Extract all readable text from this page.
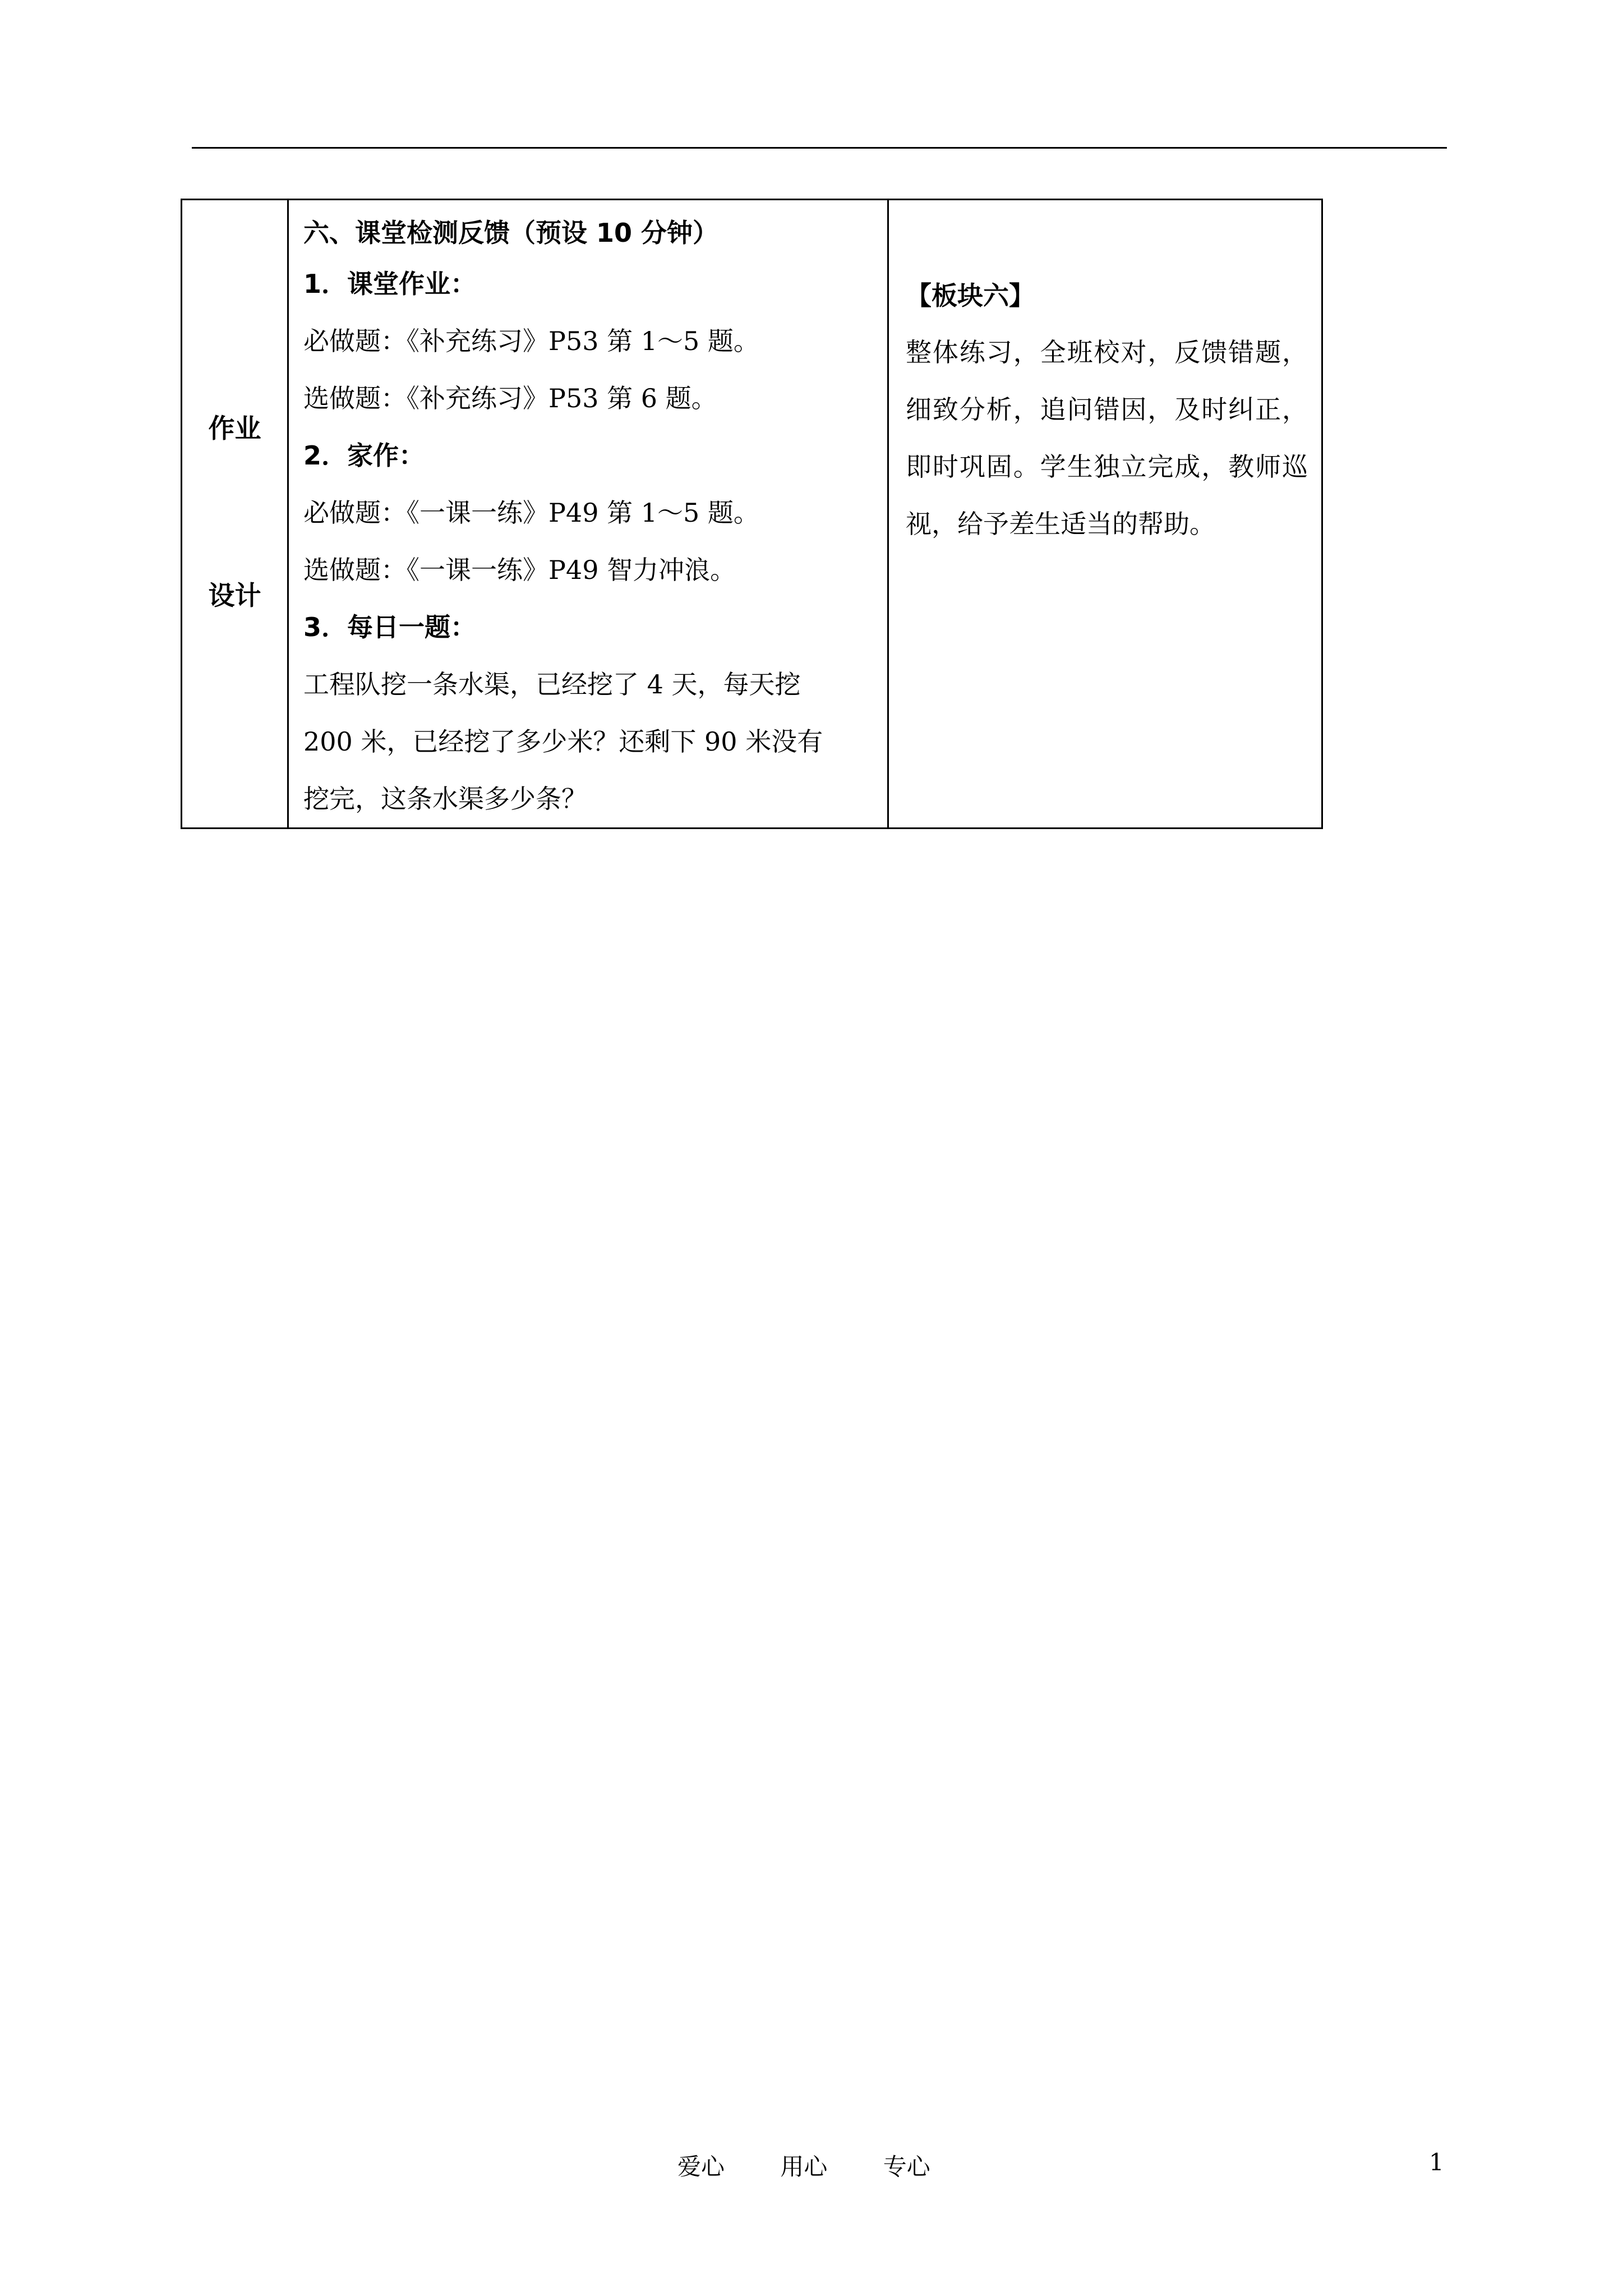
作业
设计

六、课堂检测反馈（预设 10 分钟）
1．课堂作业：
必做题：《补充练习》P53 第 1～5 题。
选做题：《补充练习》P53 第 6 题。
2．家作：
必做题：《一课一练》P49 第 1～5 题。
选做题：《一课一练》P49 智力冲浪。
3．每日一题：
工程队挖一条水渠，已经挖了 4 天，每天挖
200 米，已经挖了多少米？还剩下 90 米没有
挖完，这条水渠多少条？

【板块六】
整体练习，全班校对，反馈错题，细致分析，追问错因，及时纠正，即时巩固。学生独立完成，教师巡视，给予差生适当的帮助。
爱心 用心 专心	1
